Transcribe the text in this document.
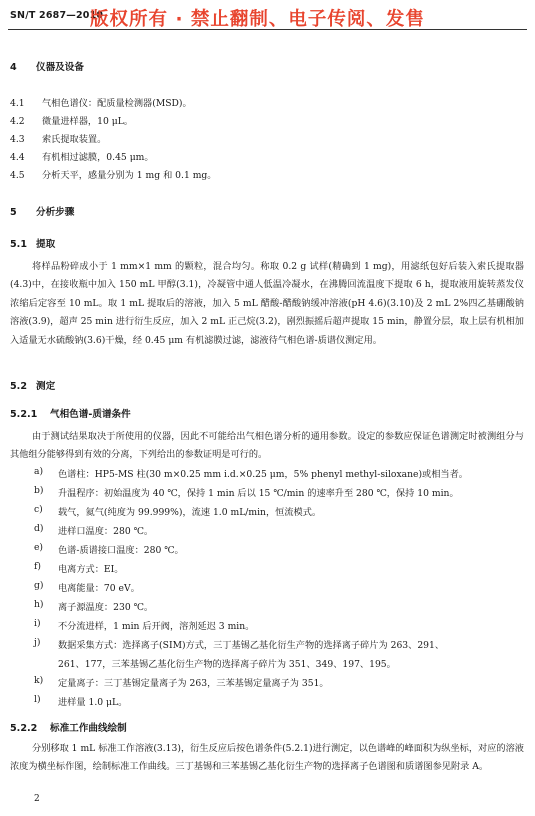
SN/T 2687—2010
版权所有 · 禁止翻制、电子传阅、发售
4 仪器及设备
4.1 气相色谱仪：配质量检测器(MSD)。
4.2 微量进样器，10 μL。
4.3 索氏提取装置。
4.4 有机相过滤膜，0.45 μm。
4.5 分析天平，感量分别为 1 mg 和 0.1 mg。
5 分析步骤
5.1 提取

将样品粉碎成小于 1 mm×1 mm 的颗粒，混合均匀。称取 0.2 g 试样(精确到 1 mg)，用滤纸包好后装入索氏提取器(4.3)中，在接收瓶中加入 150 mL 甲醇(3.1)，冷凝管中通人低温冷凝水，在沸腾回流温度下提取 6 h，提取液用旋转蒸发仪浓缩后定容至 10 mL。取 1 mL 提取后的溶液，加入 5 mL 醋酸-醋酸钠缓冲溶液(pH 4.6)(3.10)及 2 mL 2%四乙基硼酸钠溶液(3.9)，超声 25 min 进行衍生反应，加入 2 mL 正己烷(3.2)，剧烈振摇后超声提取 15 min，静置分层，取上层有机相加入适量无水硫酸钠(3.6)干燥，经 0.45 μm 有机滤膜过滤，滤液待气相色谱-质谱仪测定用。

5.2 测定
5.2.1 气相色谱-质谱条件

由于测试结果取决于所使用的仪器，因此不可能给出气相色谱分析的通用参数。设定的参数应保证色谱测定时被测组分与其他组分能够得到有效的分离，下列给出的参数证明是可行的。

a)	色谱柱：HP5-MS 柱(30 m×0.25 mm i.d.×0.25 μm，5% phenyl methyl-siloxane)或相当者。
b)	升温程序：初始温度为 40 ℃，保持 1 min 后以 15 ℃/min 的速率升至 280 ℃，保持 10 min。
c)	载气，氦气(纯度为 99.999%)，流速 1.0 mL/min，恒流模式。
d)	进样口温度：280 ℃。
e)	色谱-质谱接口温度：280 ℃。
f)	电离方式：EI。
g)	电离能量：70 eV。
h)	离子源温度：230 ℃。
i)	不分流进样，1 min 后开阀，溶剂延迟 3 min。
j)	数据采集方式：选择离子(SIM)方式，三丁基锡乙基化衍生产物的选择离子碎片为 263、291、
261、177，三苯基锡乙基化衍生产物的选择离子碎片为 351、349、197、195。
k)	定量离子：三丁基锡定量离子为 263，三苯基锡定量离子为 351。
l)	进样量 1.0 μL。
5.2.2 标准工作曲线绘制

分别移取 1 mL 标准工作溶液(3.13)，衍生反应后按色谱条件(5.2.1)进行测定，以色谱峰的峰面积为纵坐标，对应的溶液浓度为横坐标作图，绘制标准工作曲线。三丁基锡和三苯基锡乙基化衍生产物的选择离子色谱图和质谱图参见附录 A。

2
